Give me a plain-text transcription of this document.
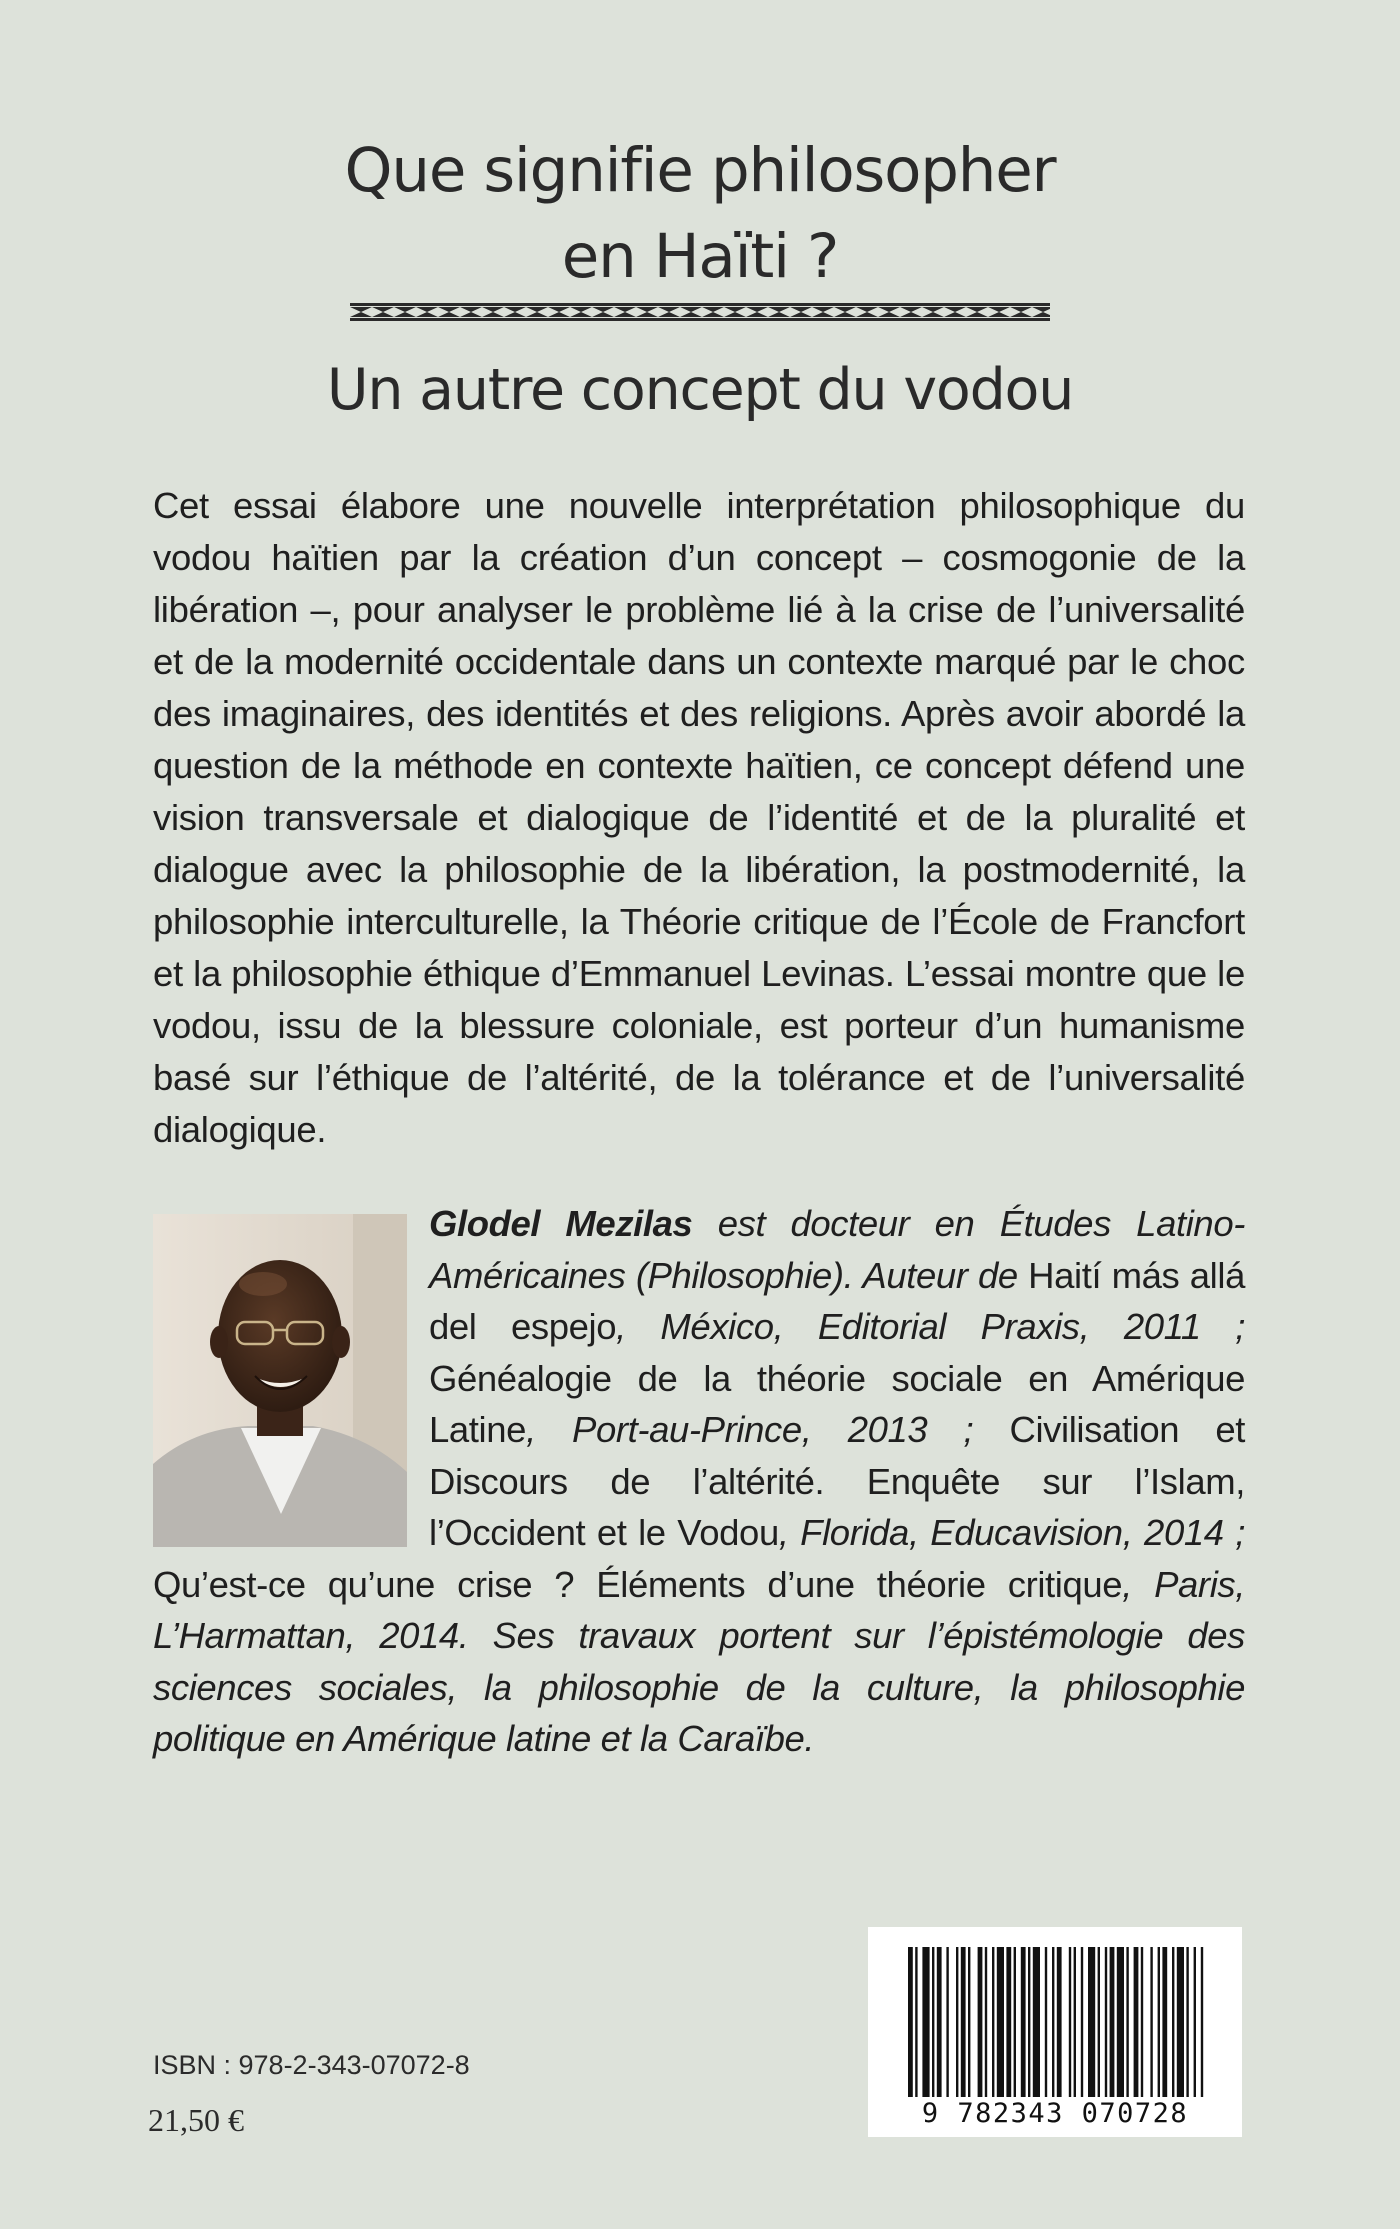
Que signifie philosopher
en Haïti ?
Un autre concept du vodou

Cet essai élabore une nouvelle interprétation philosophique du vodou haïtien par la création d’un concept – cosmogonie de la libération –, pour analyser le problème lié à la crise de l’universalité et de la modernité occidentale dans un contexte marqué par le choc des imaginaires, des identités et des religions. Après avoir abordé la question de la méthode en contexte haïtien, ce concept défend une vision transversale et dialogique de l’identité et de la pluralité et dialogue avec la philosophie de la libération, la postmodernité, la philosophie interculturelle, la Théorie critique de l’École de Francfort et la philosophie éthique d’Emmanuel Levinas. L’essai montre que le vodou, issu de la blessure coloniale, est porteur d’un humanisme basé sur l’éthique de l’altérité, de la tolérance et de l’universalité dialogique.

Glodel Mezilas est docteur en Études Latino-Américaines (Philosophie). Auteur de Haití más allá del espejo, México, Editorial Praxis, 2011 ; Généalogie de la théorie sociale en Amérique Latine, Port-au-Prince, 2013 ; Civilisation et Discours de l’altérité. Enquête sur l’Islam, l’Occident et le Vodou, Florida, Educavision, 2014 ; Qu’est-ce qu’une crise ? Éléments d’une théorie critique, Paris, L’Harmattan, 2014. Ses travaux portent sur l’épistémologie des sciences sociales, la philosophie de la culture, la philosophie politique en Amérique latine et la Caraïbe.
ISBN : 978-2-343-07072-8
21,50 €	9 782343 070728
